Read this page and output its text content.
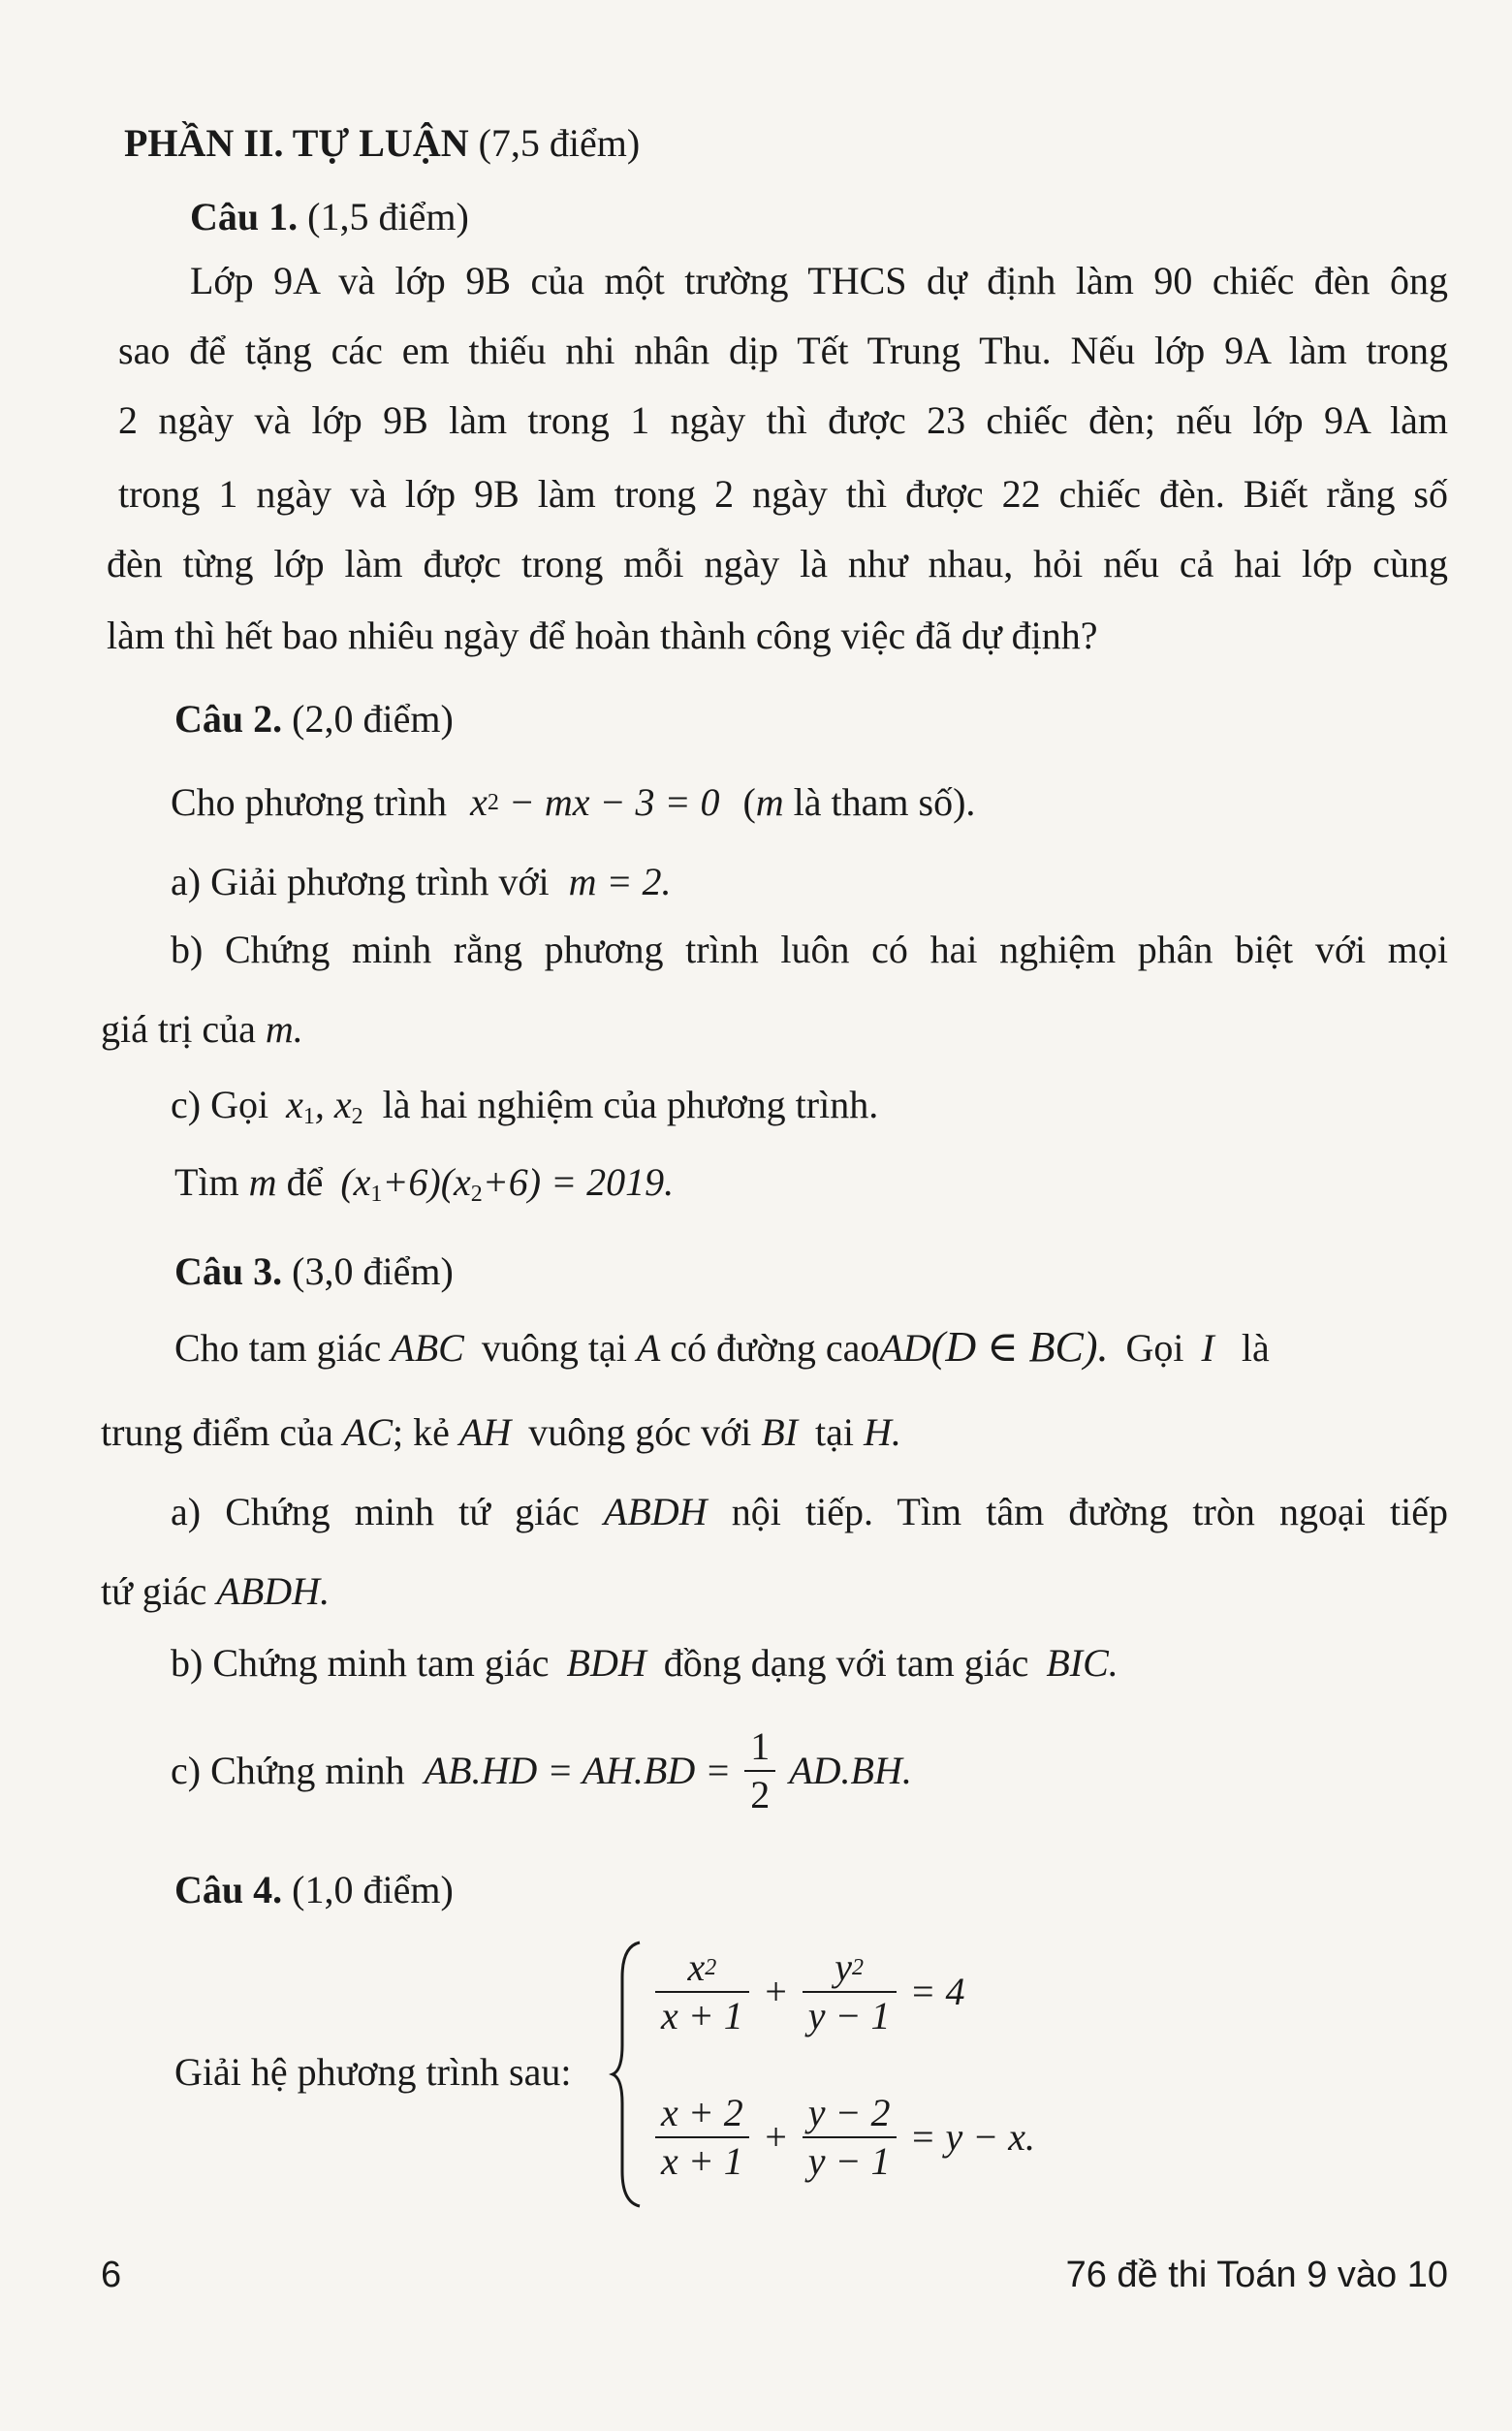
PHẦN II. TỰ LUẬN (7,5 điểm)
Câu 1. (1,5 điểm)
Lớp 9A và lớp 9B của một trường THCS dự định làm 90 chiếc đèn ông
sao để tặng các em thiếu nhi nhân dịp Tết Trung Thu. Nếu lớp 9A làm trong
2 ngày và lớp 9B làm trong 1 ngày thì được 23 chiếc đèn; nếu lớp 9A làm
trong 1 ngày và lớp 9B làm trong 2 ngày thì được 22 chiếc đèn. Biết rằng số
đèn từng lớp làm được trong mỗi ngày là như nhau, hỏi nếu cả hai lớp cùng
làm thì hết bao nhiêu ngày để hoàn thành công việc đã dự định?
Câu 2. (2,0 điểm)
Cho phương trình $x^2$ − mx − 3 = 0 (m là tham số).
a) Giải phương trình với m = 2.
b) Chứng minh rằng phương trình luôn có hai nghiệm phân biệt với mọi
giá trị của m.
c) Gọi $x_1$, $x_2$ là hai nghiệm của phương trình.
Tìm m để $(x_1+6)(x_2+6) = 2019$.
Câu 3. (3,0 điểm)
Cho tam giác ABC vuông tại A có đường caoAD(D ∈ BC). Gọi I là
trung điểm của AC; kẻ AH vuông góc với BI tại H.
a) Chứng minh tứ giác ABDH nội tiếp. Tìm tâm đường tròn ngoại tiếp
tứ giác ABDH.
b) Chứng minh tam giác BDH đồng dạng với tam giác BIC.
c) Chứng minh $AB.HD = AH.BD = \frac{1}{2} AD.BH$.
Câu 4. (1,0 điểm)
Giải hệ phương trình sau:
$\frac{x^2}{x + 1} + \frac{y^2}{y - 1} = 4$
$\frac{x + 2}{x + 1} + \frac{y - 2}{y - 1} = y - x$.
6	76 đề thi Toán 9 vào 10
